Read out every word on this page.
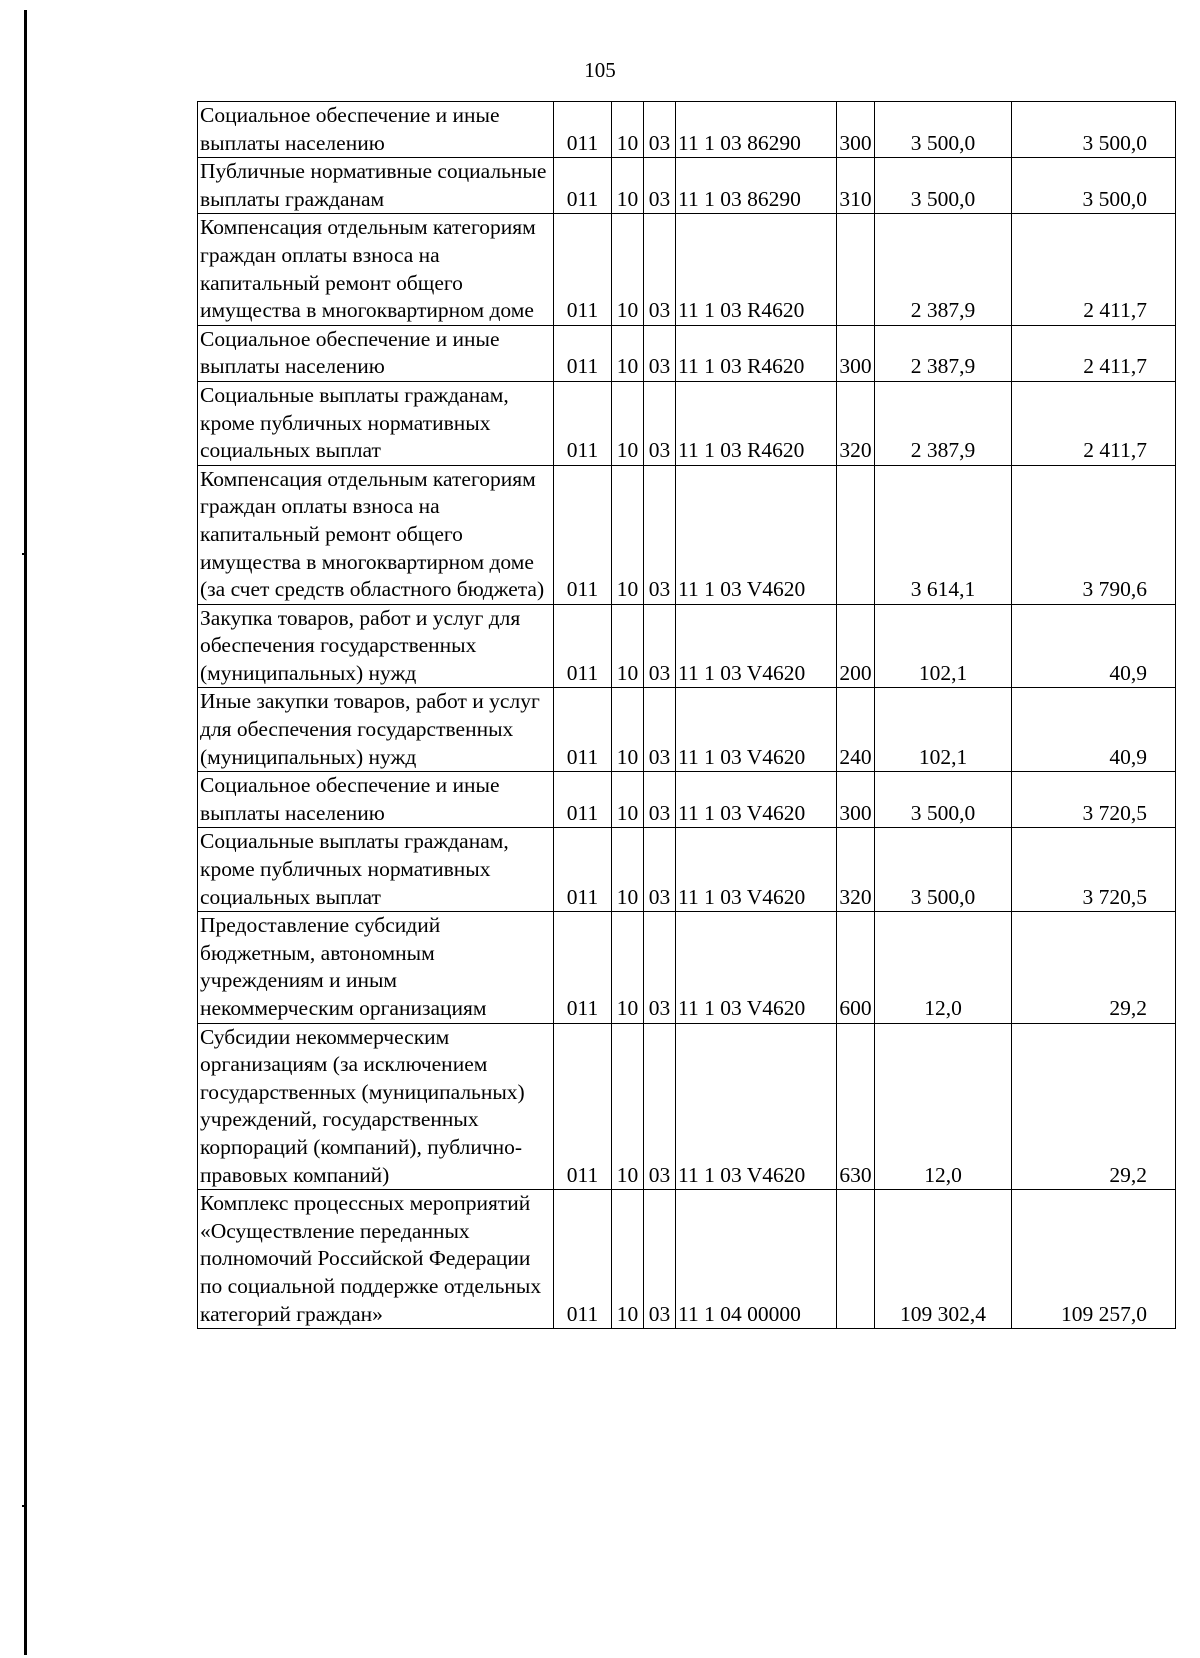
105
Социальное обеспечение и иные выплаты населению	011	10	03	11 1 03 86290	300	3 500,0	3 500,0
Публичные нормативные социальные выплаты гражданам	011	10	03	11 1 03 86290	310	3 500,0	3 500,0
Компенсация отдельным категориям граждан оплаты взноса на капитальный ремонт общего имущества в многоквартирном доме	011	10	03	11 1 03 R4620		2 387,9	2 411,7
Социальное обеспечение и иные выплаты населению	011	10	03	11 1 03 R4620	300	2 387,9	2 411,7
Социальные выплаты гражданам, кроме публичных нормативных социальных выплат	011	10	03	11 1 03 R4620	320	2 387,9	2 411,7
Компенсация отдельным категориям граждан оплаты взноса на капитальный ремонт общего имущества в многоквартирном доме (за счет средств областного бюджета)	011	10	03	11 1 03 V4620		3 614,1	3 790,6
Закупка товаров, работ и услуг для обеспечения государственных (муниципальных) нужд	011	10	03	11 1 03 V4620	200	102,1	40,9
Иные закупки товаров, работ и услуг для обеспечения государственных (муниципальных) нужд	011	10	03	11 1 03 V4620	240	102,1	40,9
Социальное обеспечение и иные выплаты населению	011	10	03	11 1 03 V4620	300	3 500,0	3 720,5
Социальные выплаты гражданам, кроме публичных нормативных социальных выплат	011	10	03	11 1 03 V4620	320	3 500,0	3 720,5
Предоставление субсидий бюджетным, автономным учреждениям и иным некоммерческим организациям	011	10	03	11 1 03 V4620	600	12,0	29,2
Субсидии некоммерческим организациям (за исключением государственных (муниципальных) учреждений, государственных корпораций (компаний), публично-правовых компаний)	011	10	03	11 1 03 V4620	630	12,0	29,2
Комплекс процессных мероприятий «Осуществление переданных полномочий Российской Федерации по социальной поддержке отдельных категорий граждан»	011	10	03	11 1 04 00000		109 302,4	109 257,0
